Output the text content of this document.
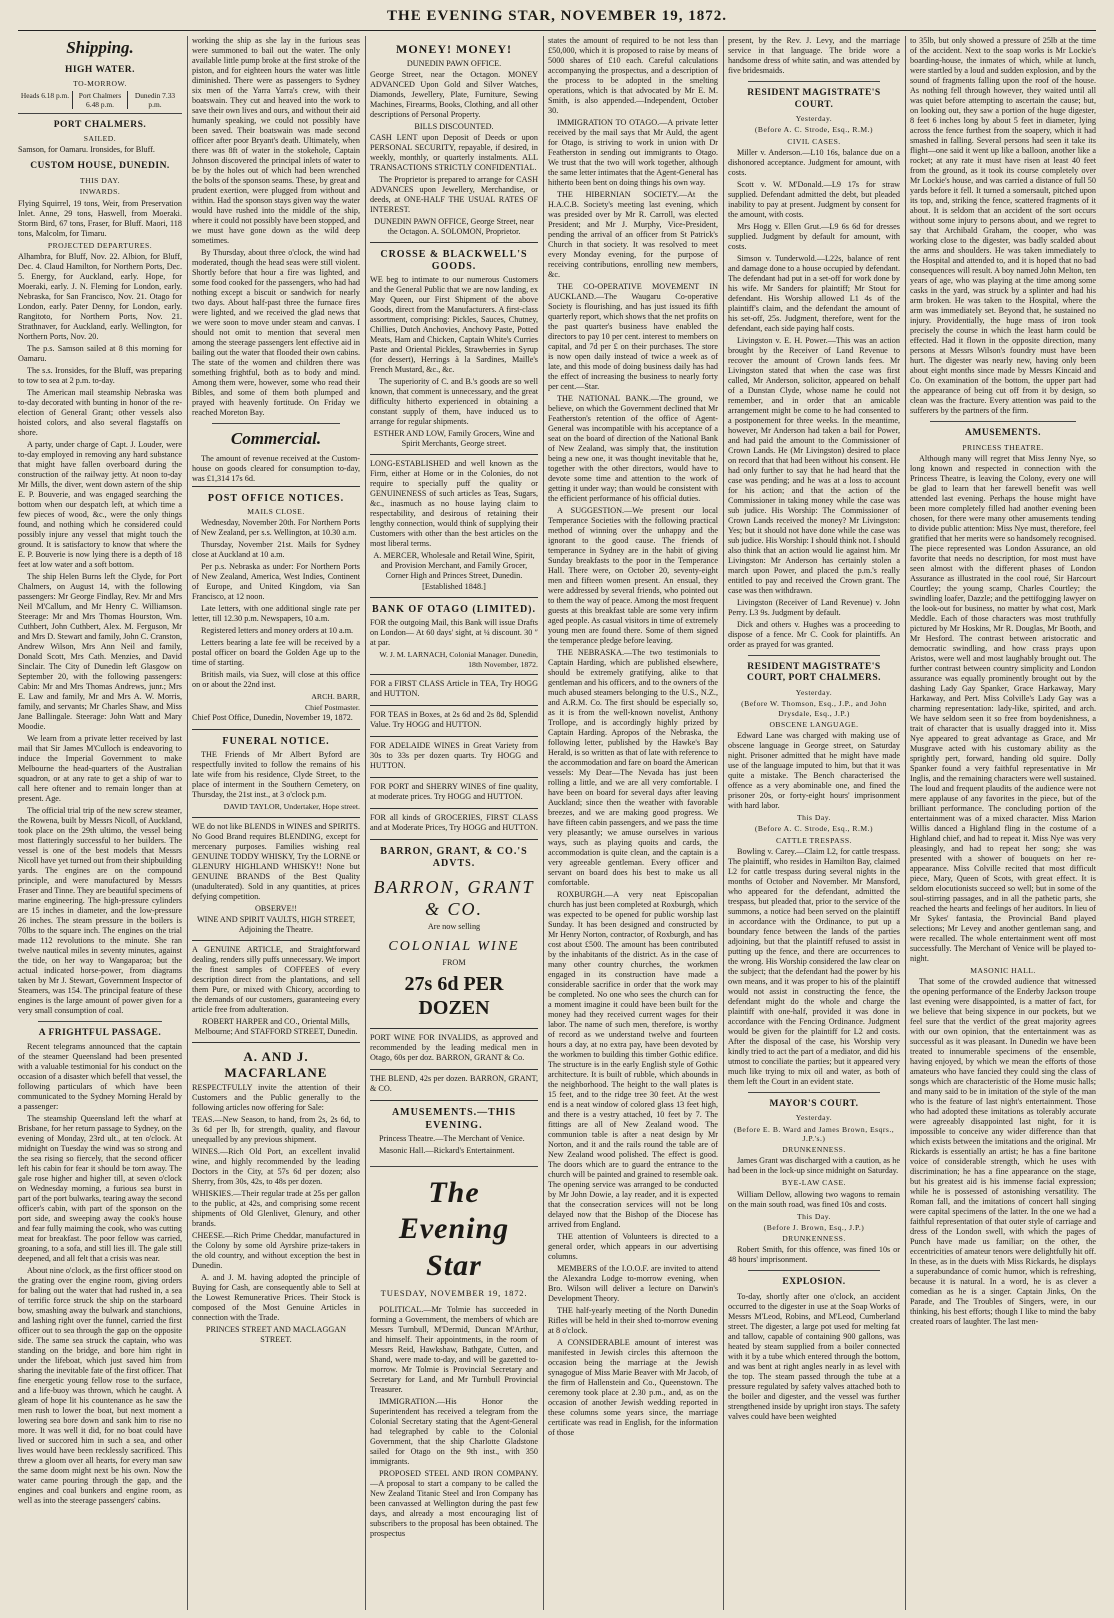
THE EVENING STAR, NOVEMBER 19, 1872.
Shipping.
HIGH WATER.
TO-MORROW.
Heads 6.18 p.m.	Port Chalmers 6.48 p.m.
Dunedin 7.33 p.m.
PORT CHALMERS.
SAILED.

Samson, for Oamaru. Ironsides, for Bluff.

CUSTOM HOUSE, DUNEDIN.
THIS DAY.
INWARDS.

Flying Squirrel, 19 tons, Weir, from Preservation Inlet. Anne, 29 tons, Haswell, from Moeraki. Storm Bird, 67 tons, Fraser, for Bluff. Maori, 118 tons, Malcolm, for Timaru.

PROJECTED DEPARTURES.

Alhambra, for Bluff, Nov. 22. Albion, for Bluff, Dec. 4. Claud Hamilton, for Northern Ports, Dec. 5. Energy, for Auckland, early. Hope, for Moeraki, early. J. N. Fleming for London, early. Nebraska, for San Francisco, Nov. 21. Otago for London, early. Pater Denny, for London, early. Rangitoto, for Northern Ports, Nov. 21. Strathnaver, for Auckland, early. Wellington, for Northern Ports, Nov. 20.

The p.s. Samson sailed at 8 this morning for Oamaru.

The s.s. Ironsides, for the Bluff, was preparing to tow to sea at 2 p.m. to-day.

The American mail steamship Nebraska was to-day decorated with bunting in honor of the re-election of General Grant; other vessels also hoisted colors, and also several flagstaffs on shore.

A party, under charge of Capt. J. Louder, were to-day employed in removing any hard substance that might have fallen overboard during the construction of the railway jetty. At noon to-day Mr Mills, the diver, went down astern of the ship E. P. Bouverie, and was engaged searching the bottom when our despatch left, at which time a few pieces of wood, &c., were the only things found, and nothing which he considered could possibly injure any vessel that might touch the ground. It is satisfactory to know that where the E. P. Bouverie is now lying there is a depth of 18 feet at low water and a soft bottom.

The ship Helen Burns left the Clyde, for Port Chalmers, on August 14, with the following passengers: Mr George Findlay, Rev. Mr and Mrs Neil M'Callum, and Mr Henry C. Williamson. Steerage: Mr and Mrs Thomas Hourston, Wm. Cuthbert, John Cuthbert, Alex. M. Ferguson, Mr and Mrs D. Stewart and family, John C. Cranston, Andrew Wilson, Mrs Ann Neil and family, Donald Scott, Mrs Cath. Menzies, and David Sinclair. The City of Dunedin left Glasgow on September 20, with the following passengers: Cabin: Mr and Mrs Thomas Andrews, junr.; Mrs E. Law and family, Mr and Mrs A. W. Morris, family, and servants; Mr Charles Shaw, and Miss Jane Ballingale. Steerage: John Watt and Mary Moodie.

We learn from a private letter received by last mail that Sir James M'Culloch is endeavoring to induce the Imperial Government to make Melbourne the head-quarters of the Australian squadron, or at any rate to get a ship of war to call here oftener and to remain longer than at present. Age.

The official trial trip of the new screw steamer, the Rowena, built by Messrs Nicoll, of Auckland, took place on the 29th ultimo, the vessel being most flatteringly successful to her builders. The vessel is one of the best models that Messrs Nicoll have yet turned out from their shipbuilding yards. The engines are on the compound principle, and were manufactured by Messrs Fraser and Tinne. They are beautiful specimens of marine engineering. The high-pressure cylinders are 15 inches in diameter, and the low-pressure 26 inches. The steam pressure in the boilers is 70lbs to the square inch. The engines on the trial made 112 revolutions to the minute. She ran twelve nautical miles in seventy minutes, against the tide, on her way to Wangaparoa; but the actual indicated horse-power, from diagrams taken by Mr J. Stewart, Government Inspector of Steamers, was 154. The principal feature of these engines is the large amount of power given for a very small consumption of coal.

A FRIGHTFUL PASSAGE.

Recent telegrams announced that the captain of the steamer Queensland had been presented with a valuable testimonial for his conduct on the occasion of a disaster which befell that vessel, the following particulars of which have been communicated to the Sydney Morning Herald by a passenger:

The steamship Queensland left the wharf at Brisbane, for her return passage to Sydney, on the evening of Monday, 23rd ult., at ten o'clock. At midnight on Tuesday the wind was so strong and the sea rising so fiercely, that the second officer left his cabin for fear it should be torn away. The gale rose higher and higher till, at seven o'clock on Wednesday morning, a furious sea burst in part of the port bulwarks, tearing away the second officer's cabin, with part of the sponson on the port side, and sweeping away the cook's house and fear fully maiming the cook, who was cutting meat for breakfast. The poor fellow was carried, groaning, to a sofa, and still lies ill. The gale still deepened, and all felt that a crisis was near.

About nine o'clock, as the first officer stood on the grating over the engine room, giving orders for baling out the water that had rushed in, a sea of terrific force struck the ship on the starboard bow, smashing away the bulwark and stanchions, and lashing right over the funnel, carried the first officer out to sea through the gap on the opposite side. The same sea struck the captain, who was standing on the bridge, and bore him right in under the lifeboat, which just saved him from sharing the inevitable fate of the first officer. That fine energetic young fellow rose to the surface, and a life-buoy was thrown, which he caught. A gleam of hope lit his countenance as he saw the men rush to lower the boat, but next moment a lowering sea bore down and sank him to rise no more. It was well it did, for no boat could have lived or succored him in such a sea, and other lives would have been recklessly sacrificed. This threw a gloom over all hearts, for every man saw the same doom might next be his own. Now the water came pouring through the gap, and the engines and coal bunkers and engine room, as well as into the steerage passengers' cabins.

working the ship as she lay in the furious seas were summoned to bail out the water. The only available little pump broke at the first stroke of the piston, and for eighteen hours the water was little diminished. There were as passengers to Sydney six men of the Yarra Yarra's crew, with their boatswain. They cut and heaved into the work to save their own lives and ours, and without their aid humanly speaking, we could not possibly have been saved. Their boatswain was made second officer after poor Bryant's death. Ultimately, when there was 8ft of water in the stokehole, Captain Johnson discovered the principal inlets of water to be by the holes out of which had been wrenched the bolts of the sponson seams. These, by great and prudent exertion, were plugged from without and within. Had the sponson stays given way the water would have rushed into the middle of the ship, where it could not possibly have been stopped, and we must have gone down as the wild deep sometimes.

By Thursday, about three o'clock, the wind had moderated, though the head seas were still violent. Shortly before that hour a fire was lighted, and some food cooked for the passengers, who had had nothing except a biscuit or sandwich for nearly two days. About half-past three the furnace fires were lighted, and we received the glad news that we were soon to move under steam and canvas. I should not omit to mention that several men among the steerage passengers lent effective aid in bailing out the water that flooded their own cabins. The state of the women and children there was something frightful, both as to body and mind. Among them were, however, some who read their Bibles, and some of them both plumped and prayed with heavenly fortitude. On Friday we reached Moreton Bay.

Commercial.

The amount of revenue received at the Custom-house on goods cleared for consumption to-day, was £1,314 17s 6d.

POST OFFICE NOTICES.
MAILS CLOSE.

Wednesday, November 20th. For Northern Ports of New Zealand, per s.s. Wellington, at 10.30 a.m.

Thursday, November 21st. Mails for Sydney close at Auckland at 10 a.m.

Per p.s. Nebraska as under: For Northern Ports of New Zealand, America, West Indies, Continent of Europe, and United Kingdom, via San Francisco, at 12 noon.

Late letters, with one additional single rate per letter, till 12.30 p.m. Newspapers, 10 a.m.

Registered letters and money orders at 10 a.m.

Letters bearing a late fee will be received by a postal officer on board the Golden Age up to the time of starting.

British mails, via Suez, will close at this office on or about the 22nd inst.

ARCH. BARR,
Chief Postmaster.

Chief Post Office, Dunedin, November 19, 1872.

FUNERAL NOTICE.

THE Friends of Mr Albert Byford are respectfully invited to follow the remains of his late wife from his residence, Clyde Street, to the place of interment in the Southern Cemetery, on Thursday, the 21st inst., at 3 o'clock p.m.

DAVID TAYLOR, Undertaker, Hope street.

WE do not like BLENDS in WINES and SPIRITS. No Good Brand requires BLENDING, except for mercenary purposes. Families wishing real GENUINE TODDY WHISKY, Try the LORNE or GLENURY HIGHLAND WHISKY!! None but GENUINE BRANDS of the Best Quality (unadulterated). Sold in any quantities, at prices defying competition.

OBSERVE!!
WINE AND SPIRIT VAULTS, HIGH STREET, Adjoining the Theatre.

A GENUINE ARTICLE, and Straightforward dealing, renders silly puffs unnecessary. We import the finest samples of COFFEES of every description direct from the plantations, and sell them Pure, or mixed with Chicory, according to the demands of our customers, guaranteeing every article free from adulteration.

ROBERT HARPER and CO., Oriental Mills, Melbourne; And STAFFORD STREET, Dunedin.
A. AND J. MACFARLANE

RESPECTFULLY invite the attention of their Customers and the Public generally to the following articles now offering for Sale:

TEAS.—New Season, to hand, from 2s, 2s 6d, to 3s 6d per lb, for strength, quality, and flavour unequalled by any previous shipment.

WINES.—Rich Old Port, an excellent invalid wine, and highly recommended by the leading Doctors in the City, at 57s 6d per dozen; also Sherry, from 30s, 42s, to 48s per dozen.

WHISKIES.—Their regular trade at 25s per gallon to the public, at 42s, and comprising some recent shipments of Old Glenlivet, Glenury, and other brands.

CHEESE.—Rich Prime Cheddar, manufactured in the Colony by some old Ayrshire prize-takers in the old country, and without exception the best in Dunedin.

A. and J. M. having adopted the principle of Buying for Cash, are consequently able to Sell at the Lowest Remunerative Prices. Their Stock is composed of the Most Genuine Articles in connection with the Trade.

PRINCES STREET AND MACLAGGAN STREET.
MONEY! MONEY!
DUNEDIN PAWN OFFICE.

George Street, near the Octagon. MONEY ADVANCED Upon Gold and Silver Watches, Diamonds, Jewellery, Plate, Furniture, Sewing Machines, Firearms, Books, Clothing, and all other descriptions of Personal Property.

BILLS DISCOUNTED.

CASH LENT upon Deposit of Deeds or upon PERSONAL SECURITY, repayable, if desired, in weekly, monthly, or quarterly instalments. ALL TRANSACTIONS STRICTLY CONFIDENTIAL.

The Proprietor is prepared to arrange for CASH ADVANCES upon Jewellery, Merchandise, or deeds, at ONE-HALF THE USUAL RATES OF INTEREST.

DUNEDIN PAWN OFFICE, George Street, near the Octagon. A. SOLOMON, Proprietor.
CROSSE & BLACKWELL'S GOODS.

WE beg to intimate to our numerous Customers and the General Public that we are now landing, ex May Queen, our First Shipment of the above Goods, direct from the Manufacturers. A first-class assortment, comprising: Pickles, Sauces, Chutney, Chillies, Dutch Anchovies, Anchovy Paste, Potted Meats, Ham and Chicken, Captain White's Curries Paste and Oriental Pickles, Strawberries in Syrup (for dessert), Herrings à la Sardines, Maille's French Mustard, &c., &c.

The superiority of C. and B.'s goods are so well known, that comment is unnecessary, and the great difficulty hitherto experienced in obtaining a constant supply of them, have induced us to arrange for regular shipments.

ESTHER AND LOW, Family Grocers, Wine and Spirit Merchants, George street.

LONG-ESTABLISHED and well known as the Firm, either at Home or in the Colonies, do not require to specially puff the quality or GENUINENESS of such articles as Teas, Sugars, &c., inasmuch as no house laying claim to respectability, and desirous of retaining their lengthy connection, would think of supplying their Customers with other than the best articles on the most liberal terms.

A. MERCER, Wholesale and Retail Wine, Spirit, and Provision Merchant, and Family Grocer, Corner High and Princes Street, Dunedin.
[Established 1848.]
BANK OF OTAGO (LIMITED).

FOR the outgoing Mail, this Bank will issue Drafts on London— At 60 days' sight, at ¼ discount. 30 ″ at par.

W. J. M. LARNACH, Colonial Manager. Dunedin, 18th November, 1872.

FOR a FIRST CLASS Article in TEA, Try HOGG and HUTTON.

FOR TEAS in Boxes, at 2s 6d and 2s 8d, Splendid Value. Try HOGG and HUTTON.

FOR ADELAIDE WINES in Great Variety from 30s to 33s per dozen quarts. Try HOGG and HUTTON.

FOR PORT and SHERRY WINES of fine quality, at moderate prices. Try HOGG and HUTTON.

FOR all kinds of GROCERIES, FIRST CLASS and at Moderate Prices, Try HOGG and HUTTON.

BARRON, GRANT, & CO.'S ADVTS.
BARRON, GRANT & CO.
Are now selling
COLONIAL WINE
FROM
27s 6d PER DOZEN

PORT WINE FOR INVALIDS, as approved and recommended by the leading medical men in Otago, 60s per doz. BARRON, GRANT & Co.

THE BLEND, 42s per dozen. BARRON, GRANT, & CO.

AMUSEMENTS.—THIS EVENING.

Princess Theatre.—The Merchant of Venice.

Masonic Hall.—Rickard's Entertainment.

The Evening Star
TUESDAY, NOVEMBER 19, 1872.

POLITICAL.—Mr Tolmie has succeeded in forming a Government, the members of which are Messrs Turnbull, M'Dermid, Duncan M'Arthur, and himself. Their appointments, in the room of Messrs Reid, Hawkshaw, Bathgate, Cutten, and Shand, were made to-day, and will be gazetted to-morrow. Mr Tolmie is Provincial Secretary and Secretary for Land, and Mr Turnbull Provincial Treasurer.

IMMIGRATION.—His Honor the Superintendent has received a telegram from the Colonial Secretary stating that the Agent-General had telegraphed by cable to the Colonial Government, that the ship Charlotte Gladstone sailed for Otago on the 9th inst., with 350 immigrants.

PROPOSED STEEL AND IRON COMPANY.—A proposal to start a company to be called the New Zealand Titanic Steel and Iron Company has been canvassed at Wellington during the past few days, and already a most encouraging list of subscribers to the proposal has been obtained. The prospectus

states the amount of required to be not less than £50,000, which it is proposed to raise by means of 5000 shares of £10 each. Careful calculations accompanying the prospectus, and a description of the process to be adopted in the smelting operations, which is that advocated by Mr E. M. Smith, is also appended.—Independent, October 30.

IMMIGRATION TO OTAGO.—A private letter received by the mail says that Mr Auld, the agent for Otago, is striving to work in union with Dr Featherston in sending out immigrants to Otago. We trust that the two will work together, although the same letter intimates that the Agent-General has hitherto been bent on doing things his own way.

THE HIBERNIAN SOCIETY.—At the H.A.C.B. Society's meeting last evening, which was presided over by Mr R. Carroll, was elected President; and Mr J. Murphy, Vice-President, pending the arrival of an officer from St Patrick's Church in that society. It was resolved to meet every Monday evening, for the purpose of receiving contributions, enrolling new members, &c.

THE CO-OPERATIVE MOVEMENT IN AUCKLAND.—The Waugaru Co-operative Society is flourishing, and has just issued its fifth quarterly report, which shows that the net profits on the past quarter's business have enabled the directors to pay 10 per cent. interest to members on capital, and 7d per £ on their purchases. The store is now open daily instead of twice a week as of late, and this mode of doing business daily has had the effect of increasing the business to nearly forty per cent.—Star.

THE NATIONAL BANK.—The ground, we believe, on which the Government declined that Mr Featherston's retention of the office of Agent-General was incompatible with his acceptance of a seat on the board of direction of the National Bank of New Zealand, was simply that, the institution being a new one, it was thought inevitable that he, together with the other directors, would have to devote some time and attention to the work of getting it under way; than would be consistent with the efficient performance of his official duties.

A SUGGESTION.—We present our local Temperance Societies with the following practical method of winning over the unhappy and the ignorant to the good cause. The friends of temperance in Sydney are in the habit of giving Sunday breakfasts to the poor in the Temperance Hall. There were, on October 20, seventy-eight men and fifteen women present. An ensual, they were addressed by several friends, who pointed out to them the way of peace. Among the most frequent guests at this breakfast table are some very infirm aged people. As casual visitors in time of extremely young men are found there. Some of them signed the temperance pledge before leaving.

THE NEBRASKA.—The two testimonials to Captain Harding, which are published elsewhere, should be extremely gratifying, alike to that gentleman and his officers, and to the owners of the much abused steamers belonging to the U.S., N.Z., and A.R.M. Co. The first should be especially so, as it is from the well-known novelist, Anthony Trollope, and is accordingly highly prized by Captain Harding. Apropos of the Nebraska, the following letter, published by the Hawke's Bay Herald, is so written as that of late with reference to the accommodation and fare on board the American vessels: My Dear—The Nevada has just been rolling a little, and we are all very comfortable. I have been on board for several days after leaving Auckland; since then the weather with favorable breezes, and we are making good progress. We have fifteen cabin passengers, and we pass the time very pleasantly; we amuse ourselves in various ways, such as playing quoits and cards, the accommodation is quite clean, and the captain is a very agreeable gentleman. Every officer and servant on board does his best to make us all comfortable.

ROXBURGH.—A very neat Episcopalian church has just been completed at Roxburgh, which was expected to be opened for public worship last Sunday. It has been designed and constructed by Mr Henry Norton, contractor, of Roxburgh, and has cost about £500. The amount has been contributed by the inhabitants of the district. As in the case of many other country churches, the workmen engaged in its construction have made a considerable sacrifice in order that the work may be completed. No one who sees the church can for a moment imagine it could have been built for the money had they received current wages for their labor. The name of such men, therefore, is worthy of record as we understand twelve and fourteen hours a day, at no extra pay, have been devoted by the workmen to building this timber Gothic edifice. The structure is in the early English style of Gothic architecture. It is built of rubble, which abounds in the neighborhood. The height to the wall plates is 15 feet, and to the ridge tree 30 feet. At the west end is a neat window of colored glass 13 feet high, and there is a vestry attached, 10 feet by 7. The fittings are all of New Zealand wood. The communion table is after a neat design by Mr Norton, and it and the rails round the table are of New Zealand wood polished. The effect is good. The doors which are to guard the entrance to the church will be painted and grained to resemble oak. The opening service was arranged to be conducted by Mr John Dowie, a lay reader, and it is expected that the consecration services will not be long delayed now that the Bishop of the Diocese has arrived from England.

THE attention of Volunteers is directed to a general order, which appears in our advertising columns.

MEMBERS of the I.O.O.F. are invited to attend the Alexandra Lodge to-morrow evening, when Bro. Wilson will deliver a lecture on Darwin's Development Theory.

THE half-yearly meeting of the North Dunedin Rifles will be held in their shed to-morrow evening at 8 o'clock.

A CONSIDERABLE amount of interest was manifested in Jewish circles this afternoon the occasion being the marriage at the Jewish synagogue of Miss Marie Beaver with Mr Jacob, of the firm of Hallenstein and Co., Queenstown. The ceremony took place at 2.30 p.m., and, as on the occasion of another Jewish wedding reported in these columns some years since, the marriage certificate was read in English, for the information of those

present, by the Rev. J. Levy, and the marriage service in that language. The bride wore a handsome dress of white satin, and was attended by five bridesmaids.

RESIDENT MAGISTRATE'S COURT.
Yesterday.
(Before A. C. Strode, Esq., R.M.)
CIVIL CASES.

Miller v. Anderson.—L10 16s, balance due on a dishonored acceptance. Judgment for amount, with costs.

Scott v. W. M'Donald.—L9 17s for straw supplied. Defendant admitted the debt, but pleaded inability to pay at present. Judgment by consent for the amount, with costs.

Mrs Hogg v. Ellen Grut.—L9 6s 6d for dresses supplied. Judgment by default for amount, with costs.

Simson v. Tunderwold.—L22s, balance of rent and damage done to a house occupied by defendant. The defendant had put in a set-off for work done by his wife. Mr Sanders for plaintiff; Mr Stout for defendant. His Worship allowed L1 4s of the plaintiff's claim, and the defendant the amount of his set-off, 25s. Judgment, therefore, went for the defendant, each side paying half costs.

Livingston v. E. H. Power.—This was an action brought by the Receiver of Land Revenue to recover the amount of Crown lands fees. Mr Livingston stated that when the case was first called, Mr Anderson, solicitor, appeared on behalf of a Dunstan Clyde, whose name he could not remember, and in order that an amicable arrangement might be come to he had consented to a postponement for three weeks. In the meantime, however, Mr Anderson had taken a bail for Power, and had paid the amount to the Commissioner of Crown Lands. He (Mr Livingston) desired to place on record that that had been without his consent. He had only further to say that he had heard that the case was pending; and he was at a loss to account for his action; and that the action of the Commissioner in taking money while the case was sub judice. His Worship: The Commissioner of Crown Lands received the money? Mr Livingston: Yes; but it should not have done while the case was sub judice. His Worship: I should think not. I should also think that an action would lie against him. Mr Livingston: Mr Anderson has certainly stolen a march upon Power, and placed the p.m.'s really entitled to pay and received the Crown grant. The case was then withdrawn.

Livingston (Receiver of Land Revenue) v. John Perry. L3 9s. Judgment by default.

Dick and others v. Hughes was a proceeding to dispose of a fence. Mr C. Cook for plaintiffs. An order as prayed for was granted.

RESIDENT MAGISTRATE'S COURT, PORT CHALMERS.
Yesterday.
(Before W. Thomson, Esq., J.P., and John Drysdale, Esq., J.P.)
OBSCENE LANGUAGE.

Edward Lane was charged with making use of obscene language in George street, on Saturday night. Prisoner admitted that he might have made use of the language imputed to him, but that it was quite a mistake. The Bench characterised the offence as a very abominable one, and fined the prisoner 20s, or forty-eight hours' imprisonment with hard labor.

This Day.
(Before A. C. Strode, Esq., R.M.)
CATTLE TRESPASS.

Bowling v. Carey.—Claim L2, for cattle trespass. The plaintiff, who resides in Hamilton Bay, claimed L2 for cattle trespass during several nights in the months of October and November. Mr Mansford, who appeared for the defendant, admitted the trespass, but pleaded that, prior to the service of the summons, a notice had been served on the plaintiff in accordance with the Ordinance, to put up a boundary fence between the lands of the parties adjoining, but that the plaintiff refused to assist in putting up the fence, and there are occurrences to the wrong. His Worship considered the law clear on the subject; that the defendant had the power by his own means, and it was proper to his of the plaintiff would not assist in constructing the fence, the defendant might do the whole and charge the plaintiff with one-half, provided it was done in accordance with the Fencing Ordinance. Judgment would be given for the plaintiff for L2 and costs. After the disposal of the case, his Worship very kindly tried to act the part of a mediator, and did his utmost to conciliate the parties; but it appeared very much like trying to mix oil and water, as both of them left the Court in an evident state.

MAYOR'S COURT.
Yesterday.
(Before E. B. Ward and James Brown, Esqrs., J.P.'s.)
DRUNKENNESS.

James Grant was discharged with a caution, as he had been in the lock-up since midnight on Saturday.

BYE-LAW CASE.

William Dellow, allowing two wagons to remain on the main south road, was fined 10s and costs.

This Day.
(Before J. Brown, Esq., J.P.)
DRUNKENNESS.

Robert Smith, for this offence, was fined 10s or 48 hours' imprisonment.

EXPLOSION.

To-day, shortly after one o'clock, an accident occurred to the digester in use at the Soap Works of Messrs M'Leod, Robins, and M'Leod, Cumberland street. The digester, a large pot used for melting fat and tallow, capable of containing 900 gallons, was heated by steam supplied from a boiler connected with it by a tube which entered through the bottom, and was bent at right angles nearly in as level with the top. The steam passed through the tube at a pressure regulated by safety valves attached both to the boiler and digester, and the vessel was further strengthened inside by upright iron stays. The safety valves could have been weighted

to 35lb, but only showed a pressure of 25lb at the time of the accident. Next to the soap works is Mr Lockie's boarding-house, the inmates of which, while at lunch, were startled by a loud and sudden explosion, and by the sound of fragments falling upon the roof of the house. As nothing fell through however, they waited until all was quiet before attempting to ascertain the cause; but, on looking out, they saw a portion of the huge digester, 8 feet 6 inches long by about 5 feet in diameter, lying across the fence furthest from the soapery, which it had smashed in falling. Several persons had seen it take its flight—one said it went up like a balloon, another like a rocket; at any rate it must have risen at least 40 feet from the ground, as it took its course completely over Mr Lockie's house, and was carried a distance of full 50 yards before it fell. It turned a somersault, pitched upon its top, and, striking the fence, scattered fragments of it about. It is seldom that an accident of the sort occurs without some injury to persons about, and we regret to say that Archibald Graham, the cooper, who was working close to the digester, was badly scalded about the arms and shoulders. He was taken immediately to the Hospital and attended to, and it is hoped that no bad consequences will result. A boy named John Melton, ten years of age, who was playing at the time among some casks in the yard, was struck by a splinter and had his arm broken. He was taken to the Hospital, where the arm was immediately set. Beyond that, he sustained no injury. Providentially, the huge mass of iron took precisely the course in which the least harm could be effected. Had it flown in the opposite direction, many persons at Messrs Wilson's foundry must have been hurt. The digester was nearly new, having only been about eight months since made by Messrs Kincaid and Co. On examination of the bottom, the upper part had the appearance of being cut off from it by design, so clean was the fracture. Every attention was paid to the sufferers by the partners of the firm.

AMUSEMENTS.
PRINCESS THEATRE.

Although many will regret that Miss Jenny Nye, so long known and respected in connection with the Princess Theatre, is leaving the Colony, every one will be glad to learn that her farewell benefit was well attended last evening. Perhaps the house might have been more completely filled had another evening been chosen, for there were many other amusements tending to divide public attention: Miss Nye must, therefore, feel gratified that her merits were so handsomely recognised. The piece represented was London Assurance, an old favorite that needs no description, for most must have seen almost with the different phases of London Assurance as illustrated in the cool roué, Sir Harcourt Courtley; the young scamp, Charles Courtley; the swindling loafer, Dazzle; and the pettifogging lawyer on the look-out for business, no matter by what cost, Mark Meddle. Each of those characters was most truthfully pictured by Mr Hoskins, Mr R. Douglas, Mr Booth, and Mr Hesford. The contrast between aristocratic and democratic swindling, and how crass prays upon Aristos, were well and most laughably brought out. The further contrast between country simplicity and London assurance was equally prominently brought out by the dashing Lady Gay Spanker, Grace Harkaway, Mary Harkaway, and Pert. Miss Colville's Lady Gay was a charming representation: lady-like, spirited, and arch. We have seldom seen it so free from boydenishness, a trait of character that is usually dragged into it. Miss Nye appeared to great advantage as Grace, and Mr Musgrave acted with his customary ability as the sprightly pert, forward, handing old squire. Dolly Spanker found a very faithful representative in Mr Inglis, and the remaining characters were well sustained. The loud and frequent plaudits of the audience were not mere applause of any favorites in the piece, but of the brilliant performance. The concluding portion of the entertainment was of a mixed character. Miss Marion Willis danced a Highland fling in the costume of a Highland chief, and had to repeat it. Miss Nye was very pleasingly, and had to repeat her song; she was presented with a shower of bouquets on her re-appearance. Miss Colville recited that most difficult piece, Mary, Queen of Scots, with great effect. It is seldom elocutionists succeed so well; but in some of the soul-stirring passages, and in all the pathetic parts, she reached the hearts and feelings of her auditors. In lieu of Mr Sykes' fantasia, the Provincial Band played selections; Mr Levey and another gentleman sang, and were recalled. The whole entertainment went off most successfully. The Merchant of Venice will be played to-night.

MASONIC HALL.

That some of the crowded audience that witnessed the opening performance of the Enderby Jackson troupe last evening were disappointed, is a matter of fact, for we believe that being sixpence in our pockets, but we feel sure that the verdict of the great majority agrees with our own opinion, that the entertainment was as successful as it was pleasant. In Dunedin we have been treated to innumerable specimens of the ensemble, having enjoyed, by which we mean the efforts of those amateurs who have fancied they could sing the class of songs which are characteristic of the Home music halls; and many said to be in imitation of the style of the man who is the feature of last night's entertainment. Those who had adopted these imitations as tolerably accurate were agreeably disappointed last night, for it is impossible to conceive any wider difference than that which exists between the imitations and the original. Mr Rickards is essentially an artist; he has a fine baritone voice of considerable strength, which he uses with discrimination; he has a fine appearance on the stage, but his greatest aid is his immense facial expression; while he is possessed of astonishing versatility. The Roman fall, and the imitations of concert hall singing were capital specimens of the latter. In the one we had a faithful representation of that outer style of carriage and dress of the London swell, with which the pages of Punch have made us familiar; on the other, the eccentricities of amateur tenors were delightfully hit off. In these, as in the duets with Miss Rickards, he displays a superabundance of comic humor, which is refreshing, because it is natural. In a word, he is as clever a comedian as he is a singer. Captain Jinks, On the Parade, and The Troubles of Singers, were, in our thinking, his best efforts; though I like to mind the baby created roars of laughter. The last men-
